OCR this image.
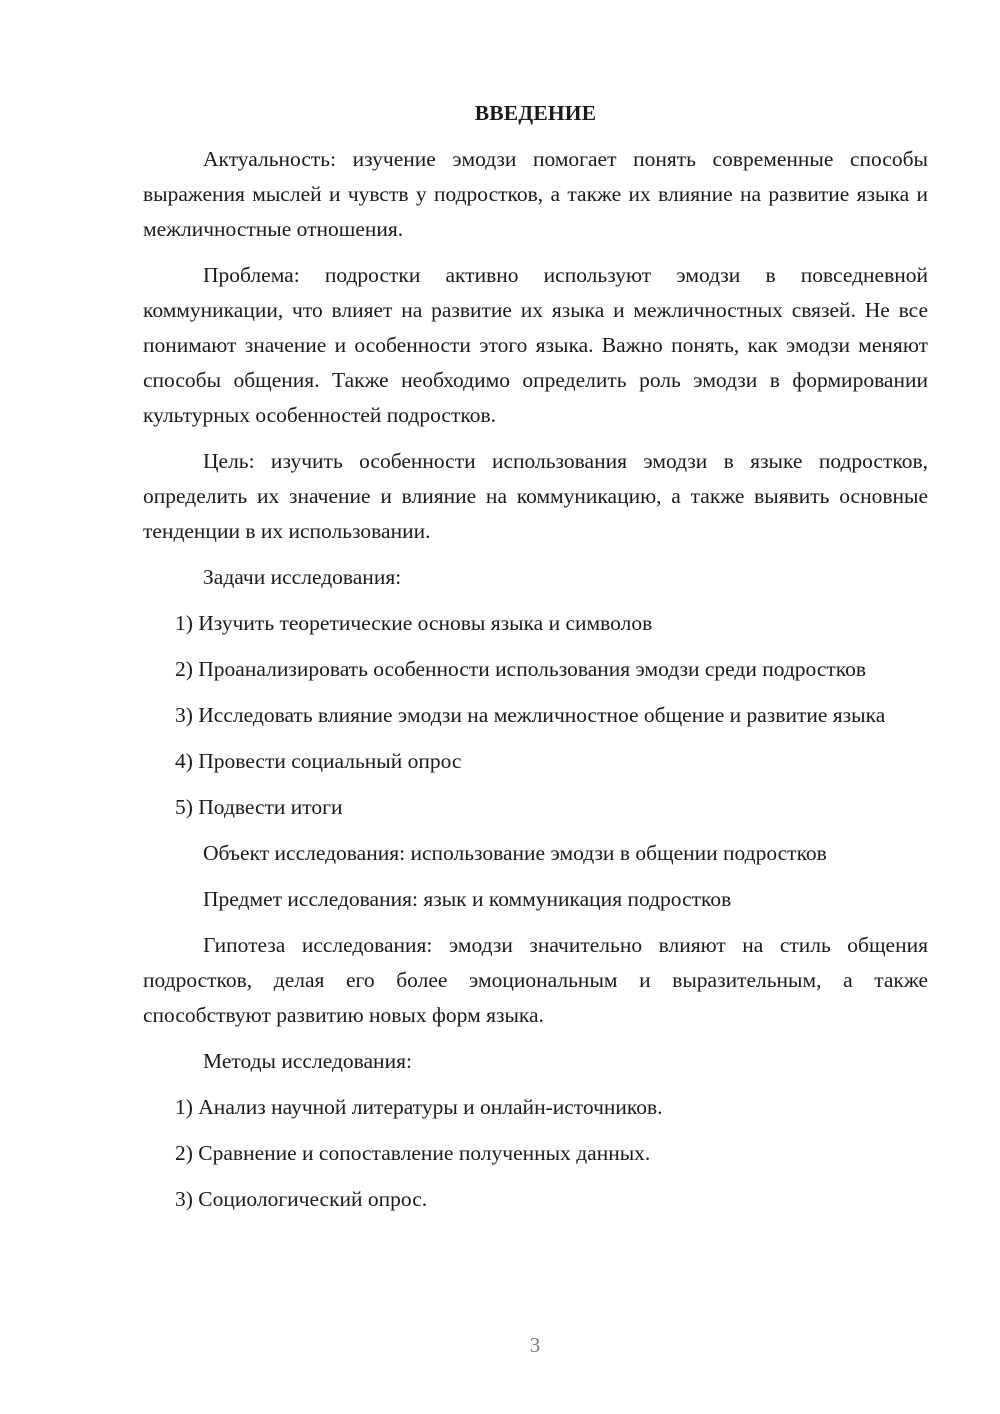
ВВЕДЕНИЕ

Актуальность: изучение эмодзи помогает понять современные способы выражения мыслей и чувств у подростков, а также их влияние на развитие языка и межличностные отношения.

Проблема: подростки активно используют эмодзи в повседневной коммуникации, что влияет на развитие их языка и межличностных связей. Не все понимают значение и особенности этого языка. Важно понять, как эмодзи меняют способы общения. Также необходимо определить роль эмодзи в формировании культурных особенностей подростков.

Цель: изучить особенности использования эмодзи в языке подростков, определить их значение и влияние на коммуникацию, а также выявить основные тенденции в их использовании.

Задачи исследования:

1) Изучить теоретические основы языка и символов

2) Проанализировать особенности использования эмодзи среди подростков

3) Исследовать влияние эмодзи на межличностное общение и развитие языка

4) Провести социальный опрос

5) Подвести итоги

Объект исследования: использование эмодзи в общении подростков

Предмет исследования: язык и коммуникация подростков

Гипотеза исследования: эмодзи значительно влияют на стиль общения подростков, делая его более эмоциональным и выразительным, а также способствуют развитию новых форм языка.

Методы исследования:

1) Анализ научной литературы и онлайн-источников.

2) Сравнение и сопоставление полученных данных.

3) Социологический опрос.

3
